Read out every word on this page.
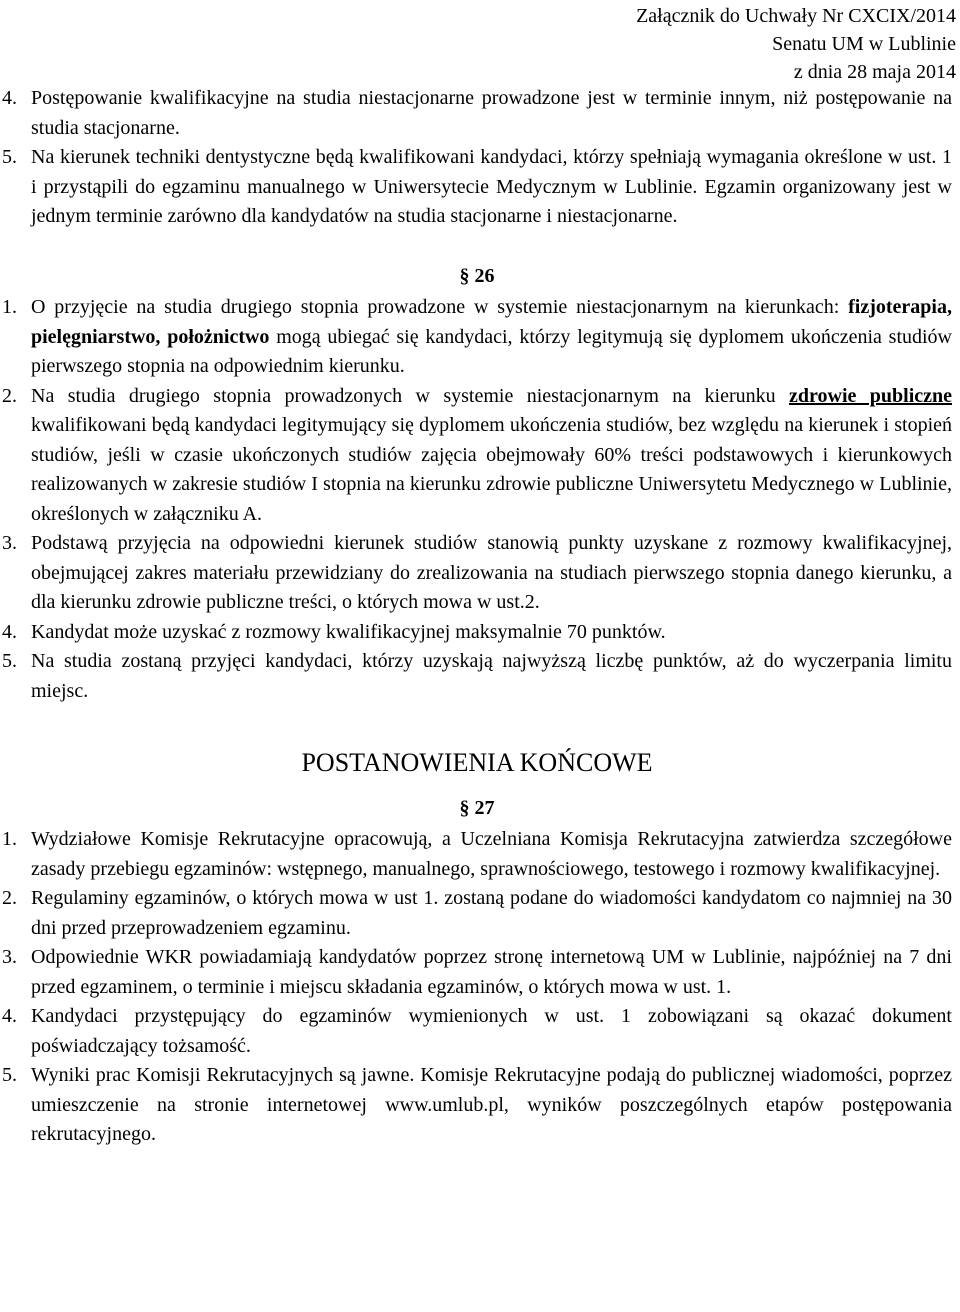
Załącznik do Uchwały Nr CXCIX/2014
Senatu UM w Lublinie
z dnia 28 maja 2014
4. Postępowanie kwalifikacyjne na studia niestacjonarne prowadzone jest w terminie innym, niż postępowanie na studia stacjonarne.
5. Na kierunek techniki dentystyczne będą kwalifikowani kandydaci, którzy spełniają wymagania określone w ust. 1 i przystąpili do egzaminu manualnego w Uniwersytecie Medycznym w Lublinie. Egzamin organizowany jest w jednym terminie zarówno dla kandydatów na studia stacjonarne i niestacjonarne.
§ 26
1. O przyjęcie na studia drugiego stopnia prowadzone w systemie niestacjonarnym na kierunkach: fizjoterapia, pielęgniarstwo, położnictwo mogą ubiegać się kandydaci, którzy legitymują się dyplomem ukończenia studiów pierwszego stopnia na odpowiednim kierunku.
2. Na studia drugiego stopnia prowadzonych w systemie niestacjonarnym na kierunku zdrowie publiczne kwalifikowani będą kandydaci legitymujący się dyplomem ukończenia studiów, bez względu na kierunek i stopień studiów, jeśli w czasie ukończonych studiów zajęcia obejmowały 60% treści podstawowych i kierunkowych realizowanych w zakresie studiów I stopnia na kierunku zdrowie publiczne Uniwersytetu Medycznego w Lublinie, określonych w załączniku A.
3. Podstawą przyjęcia na odpowiedni kierunek studiów stanowią punkty uzyskane z rozmowy kwalifikacyjnej, obejmującej zakres materiału przewidziany do zrealizowania na studiach pierwszego stopnia danego kierunku, a dla kierunku zdrowie publiczne treści, o których mowa w ust.2.
4. Kandydat może uzyskać z rozmowy kwalifikacyjnej maksymalnie 70 punktów.
5. Na studia zostaną przyjęci kandydaci, którzy uzyskają najwyższą liczbę punktów, aż do wyczerpania limitu miejsc.
POSTANOWIENIA KOŃCOWE
§ 27
1. Wydziałowe Komisje Rekrutacyjne opracowują, a Uczelniana Komisja Rekrutacyjna zatwierdza szczegółowe zasady przebiegu egzaminów: wstępnego, manualnego, sprawnościowego, testowego i rozmowy kwalifikacyjnej.
2. Regulaminy egzaminów, o których mowa w ust 1. zostaną podane do wiadomości kandydatom co najmniej na 30 dni przed przeprowadzeniem egzaminu.
3. Odpowiednie WKR powiadamiają kandydatów poprzez stronę internetową UM w Lublinie, najpóźniej na 7 dni przed egzaminem, o terminie i miejscu składania egzaminów, o których mowa w ust. 1.
4. Kandydaci przystępujący do egzaminów wymienionych w ust. 1 zobowiązani są okazać dokument poświadczający tożsamość.
5. Wyniki prac Komisji Rekrutacyjnych są jawne. Komisje Rekrutacyjne podają do publicznej wiadomości, poprzez umieszczenie na stronie internetowej www.umlub.pl, wyników poszczególnych etapów postępowania rekrutacyjnego.
